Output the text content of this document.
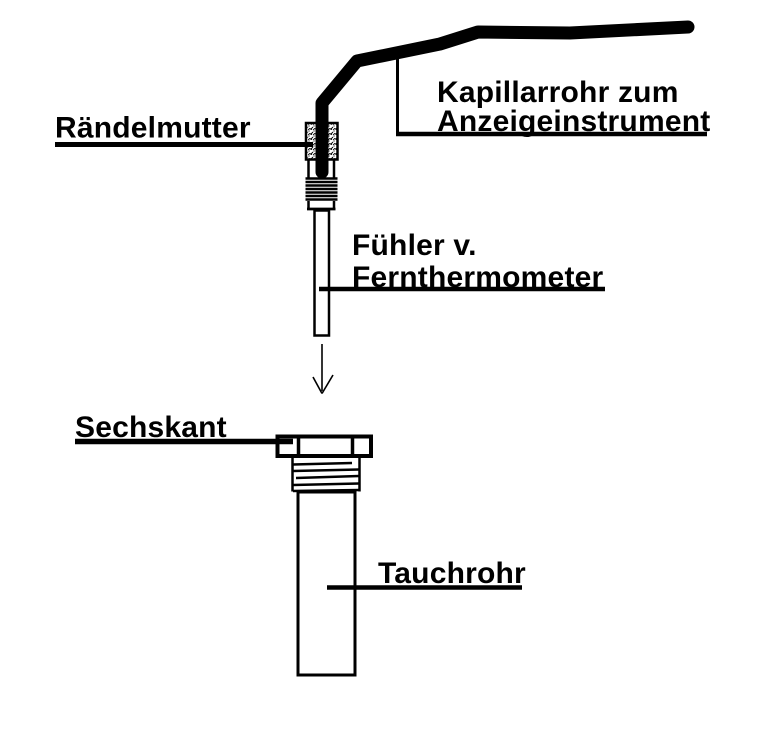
Rändelmutter
Kapillarrohr zum
Anzeigeinstrument
Fühler v.
Fernthermometer
Sechskant
Tauchrohr
